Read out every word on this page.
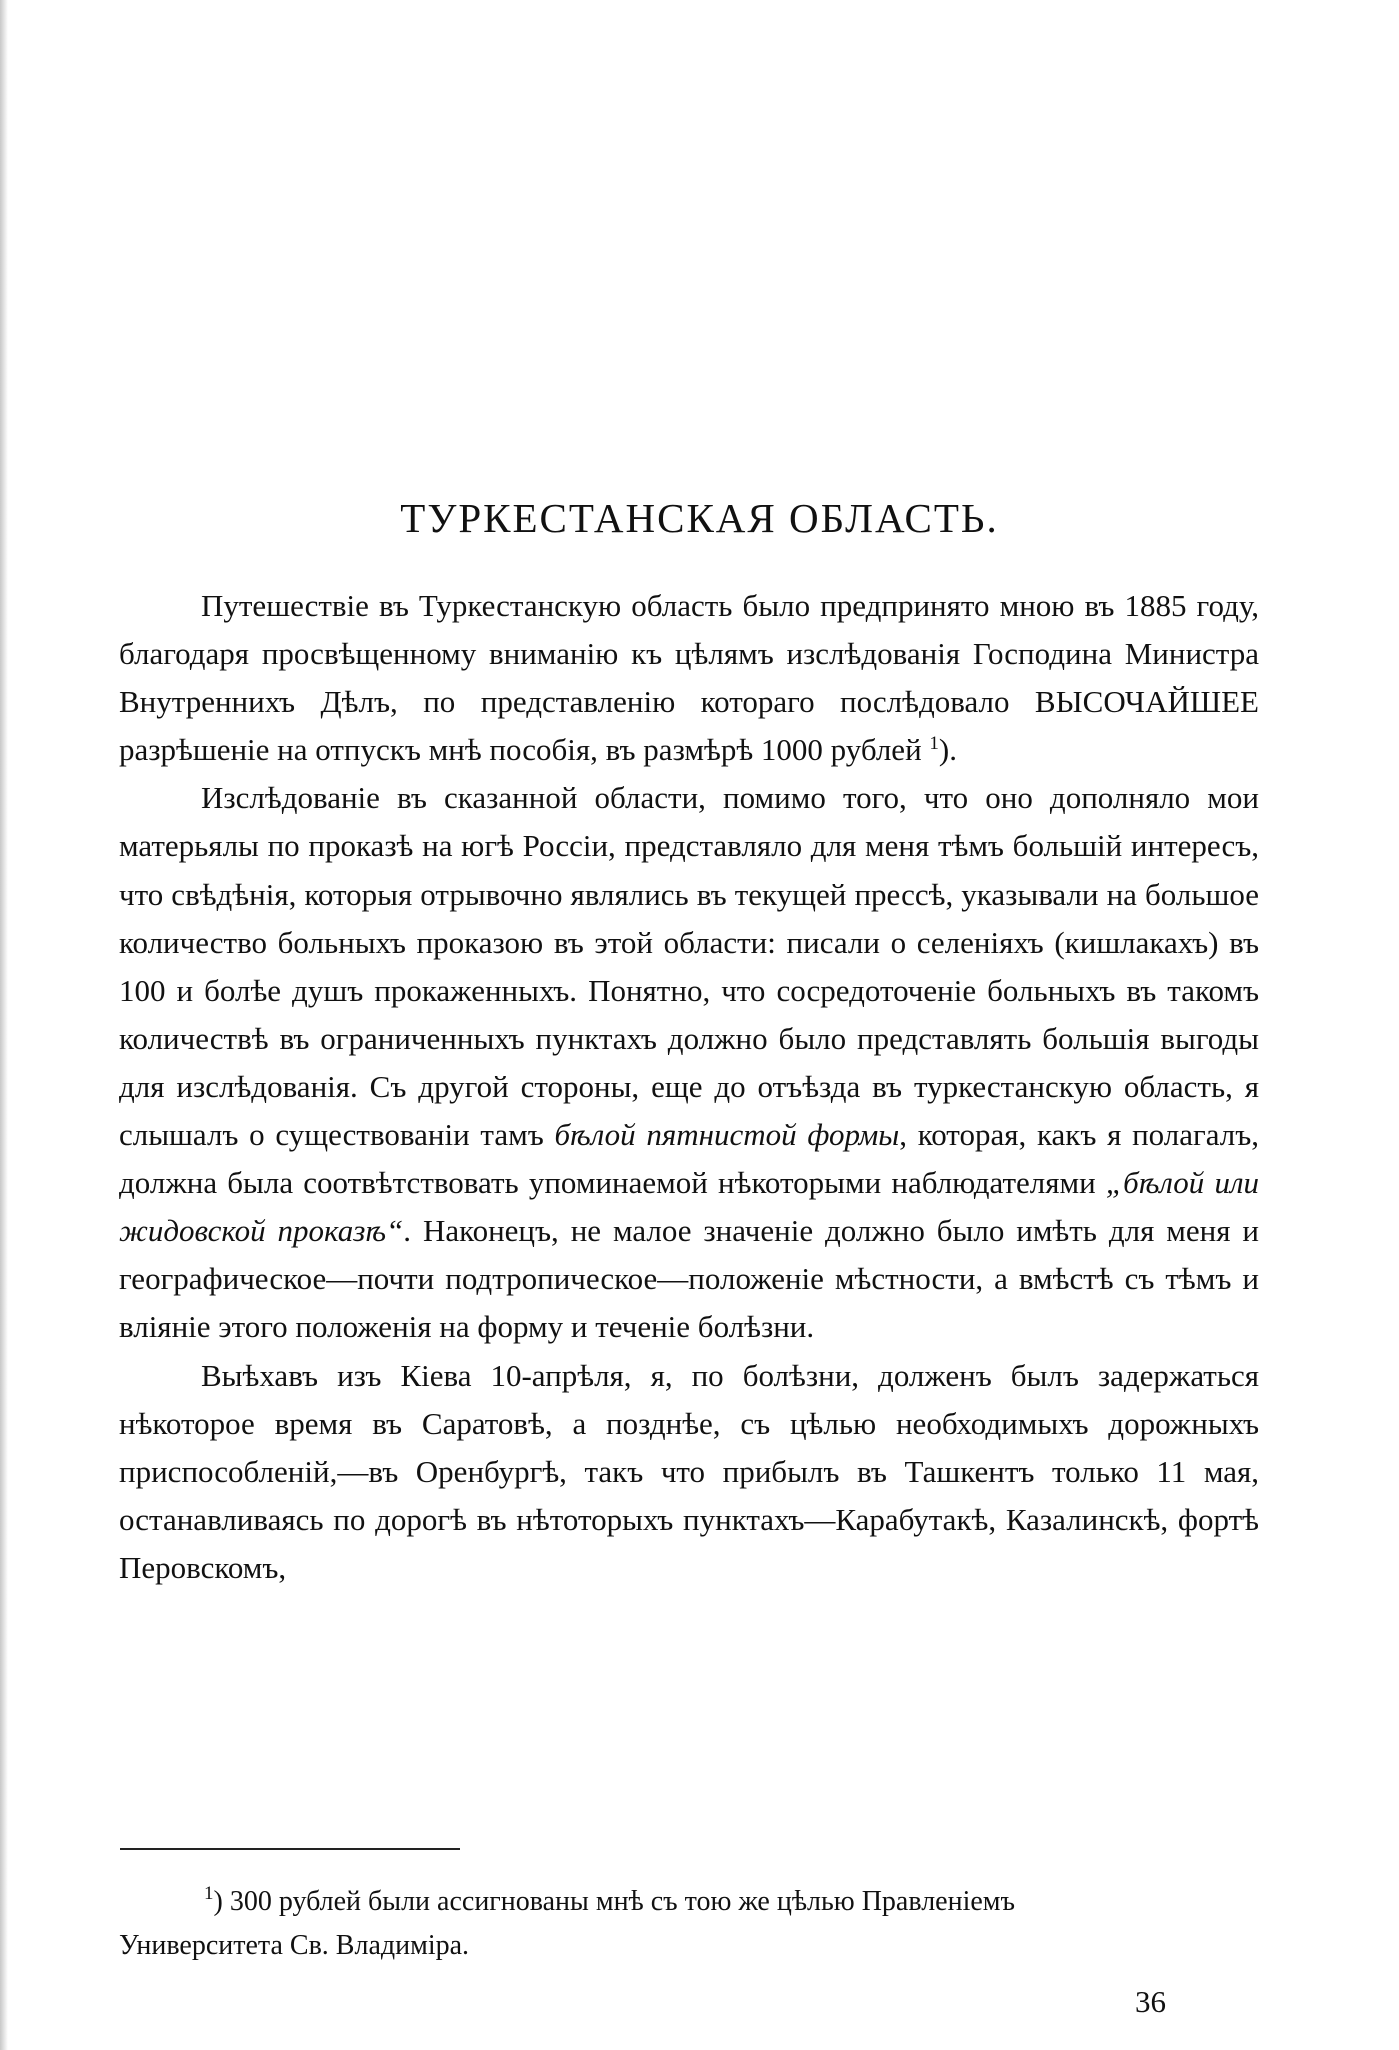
ТУРКЕСТАНСКАЯ ОБЛАСТЬ.

Путешествіе въ Туркестанскую область было предпринято мною въ 1885 году, благодаря просвѣщенному вниманію къ цѣлямъ изслѣдованія Господина Министра Внутреннихъ Дѣлъ, по представленію котораго послѣдовало ВЫСОЧАЙШЕЕ разрѣшеніе на отпускъ мнѣ пособія, въ размѣрѣ 1000 рублей $^1$).

Изслѣдованіе въ сказанной области, помимо того, что оно дополняло мои матерьялы по проказѣ на югѣ Россіи, представляло для меня тѣмъ большій интересъ, что свѣдѣнія, которыя отрывочно являлись въ текущей прессѣ, указывали на большое количество больныхъ проказою въ этой области: писали о селеніяхъ (кишлакахъ) въ 100 и болѣе душъ прокаженныхъ. Понятно, что сосредоточеніе больныхъ въ такомъ количествѣ въ ограниченныхъ пунктахъ должно было представлять большія выгоды для изслѣдованія. Съ другой стороны, еще до отъѣзда въ туркестанскую область, я слышалъ о существованіи тамъ бѣлой пятнистой формы, которая, какъ я полагалъ, должна была соотвѣтствовать упоминаемой нѣкоторыми наблюдателями „бѣлой или жидовской проказѣ“. Наконецъ, не малое значеніе должно было имѣть для меня и географическое—почти подтропическое—положеніе мѣстности, а вмѣстѣ съ тѣмъ и вліяніе этого положенія на форму и теченіе болѣзни.

Выѣхавъ изъ Кіева 10-апрѣля, я, по болѣзни, долженъ былъ задержаться нѣкоторое время въ Саратовѣ, а позднѣе, съ цѣлью необходимыхъ дорожныхъ приспособленій,—въ Оренбургѣ, такъ что прибылъ въ Ташкентъ только 11 мая, останавливаясь по дорогѣ въ нѣтоторыхъ пунктахъ—Карабутакѣ, Казалинскѣ, фортѣ Перовскомъ,

$^1$) 300 рублей были ассигнованы мнѣ съ тою же цѣлью Правленіемъ
Университета Св. Владиміра.
36
